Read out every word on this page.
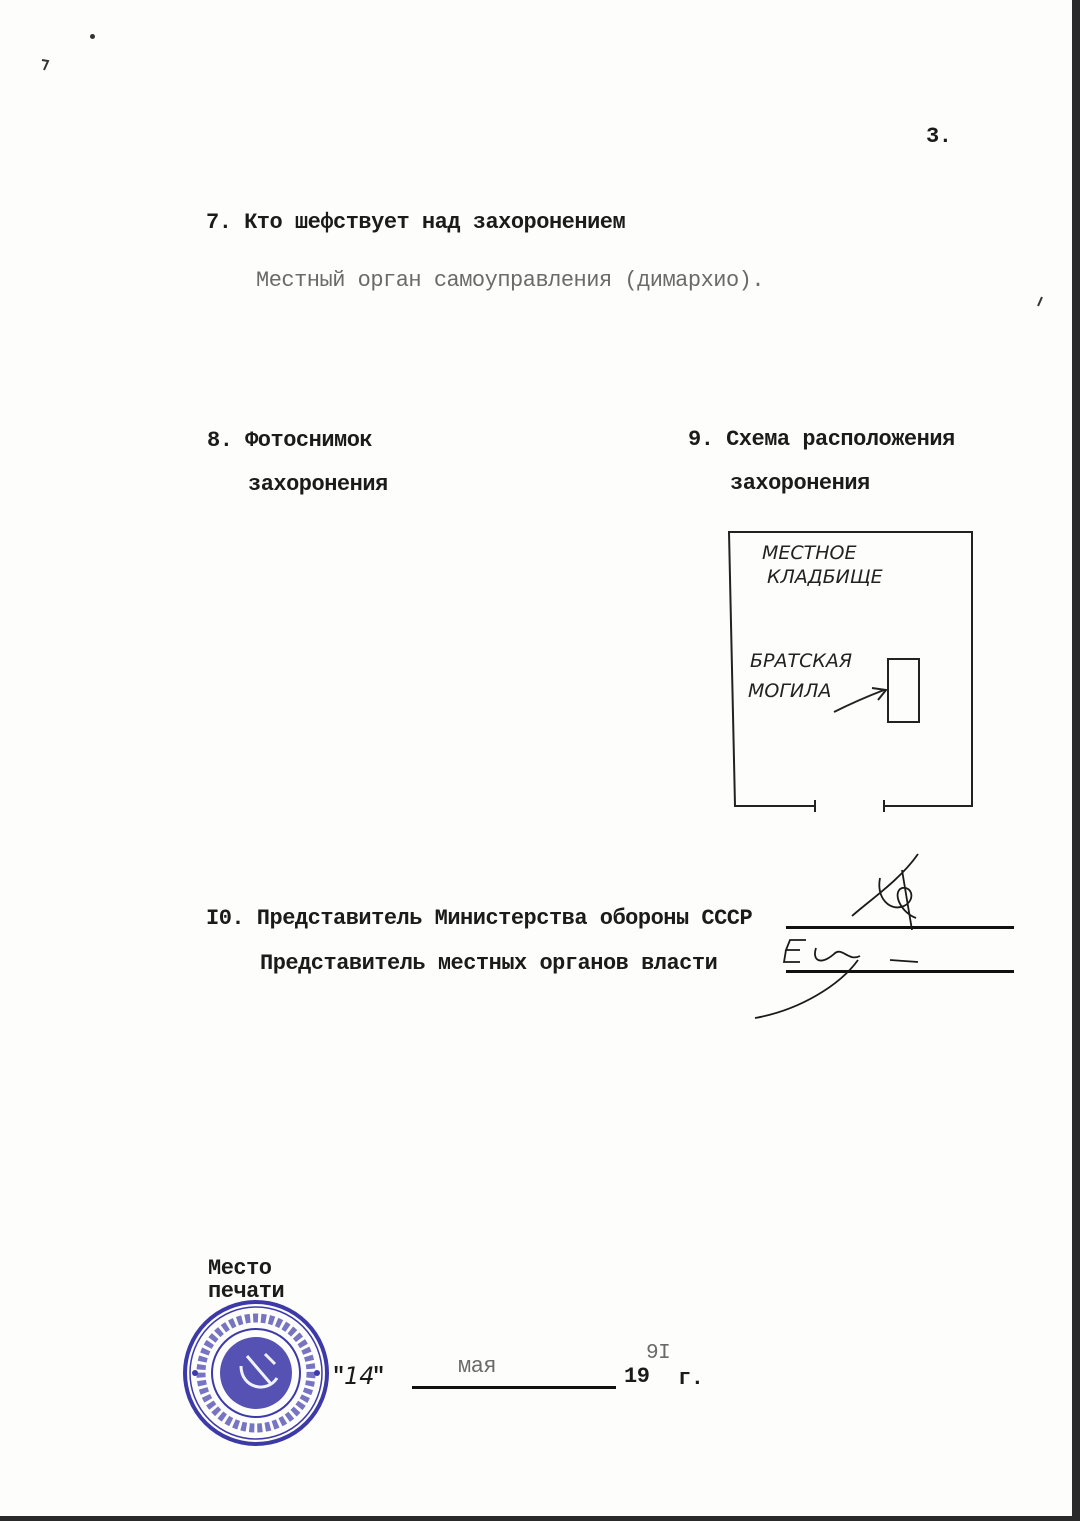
3.
7. Кто шефствует над захоронением
Местный орган самоуправления (димархио).
8. Фотоснимок
захоронения
9. Схема расположения
захоронения
МЕСТНОЕ
КЛАДБИЩЕ
БРАТСКАЯ
МОГИЛА
I0. Представитель Министерства обороны СССР
Представитель местных органов власти
Место
печати
"
14
"	мая
9I
19 г.
